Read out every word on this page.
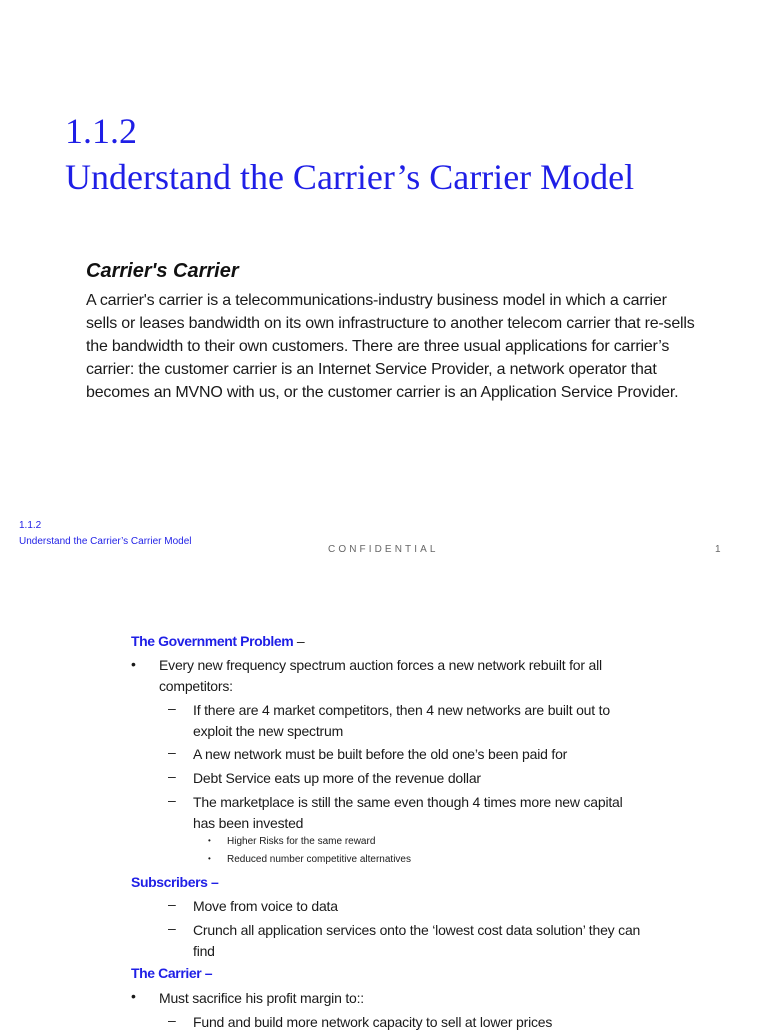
1.1.2
Understand the Carrier’s Carrier Model
Carrier's Carrier
A carrier's carrier is a telecommunications-industry business model in which a carrier
sells or leases bandwidth on its own infrastructure to another telecom carrier that re-sells
the bandwidth to their own customers. There are three usual applications for carrier’s
carrier: the customer carrier is an Internet Service Provider, a network operator that
becomes an MVNO with us, or the customer carrier is an Application Service Provider.
1.1.2
Understand the Carrier’s Carrier Model
CONFIDENTIAL	1
The Government Problem –
• Every new frequency spectrum auction forces a new network rebuilt for all
competitors:
– If there are 4 market competitors, then 4 new networks are built out to
exploit the new spectrum
– A new network must be built before the old one’s been paid for
– Debt Service eats up more of the revenue dollar
– The marketplace is still the same even though 4 times more new capital
has been invested
• Higher Risks for the same reward
• Reduced number competitive alternatives
Subscribers –
– Move from voice to data
– Crunch all application services onto the ‘lowest cost data solution’ they can
find
The Carrier –
• Must sacrifice his profit margin to::
– Fund and build more network capacity to sell at lower prices
